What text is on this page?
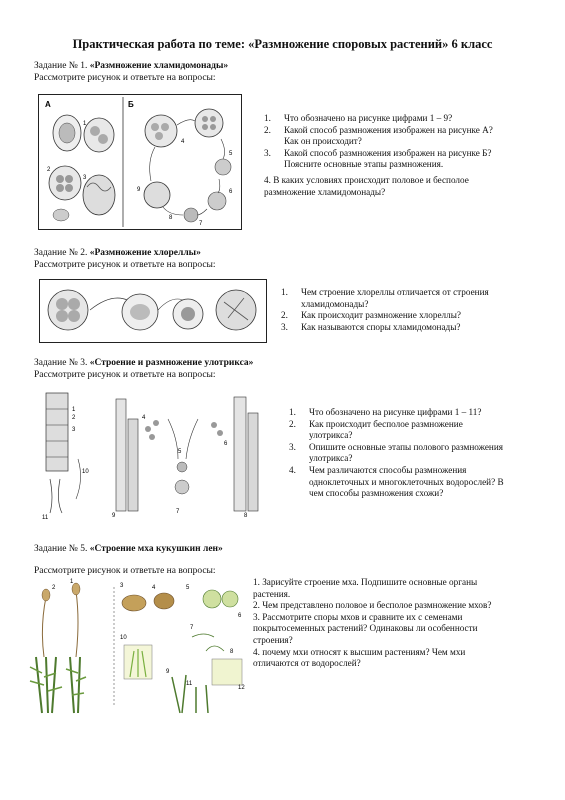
Практическая работа по теме: «Размножение споровых растений» 6 класс
Задание № 1. «Размножение хламидомонады»
Рассмотрите рисунок и ответьте на вопросы:
А	Б
1
2
3
4
5
6
7
8
9
1. Что обозначено на рисунке цифрами 1 – 9?
2. Какой способ размножения изображен на рисунке А?
Как он происходит?
3. Какой способ размножения изображен на рисунке Б?
Поясните основные этапы размножения.
4. В каких условиях происходит половое и бесполое
размножение хламидомонады?
Задание № 2. «Размножение хлореллы»
Рассмотрите рисунок и ответьте на вопросы:
1. Чем строение хлореллы отличается от строения
хламидомонады?
2. Как происходит размножение хлореллы?
3. Как называются споры хламидомонады?
Задание № 3. «Строение и размножение улотрикса»
Рассмотрите рисунок и ответьте на вопросы:
1
2
3
4
5
6
7
8
9
10
11
1. Что обозначено на рисунке цифрами 1 – 11?
2. Как происходит бесполое размножение
улотрикса?
3. Опишите основные этапы полового размножения
улотрикса?
4. Чем различаются способы размножения
одноклеточных и многоклеточных водорослей? В
чем способы размножения схожи?
Задание № 5. «Строение мха кукушкин лен»
Рассмотрите рисунок и ответьте на вопросы:
1
2	3	4	5
6
7
8
9
10
11
12
1. Зарисуйте строение мха. Подпишите основные органы
растения.
2. Чем представлено половое и бесполое размножение мхов?
3. Рассмотрите споры мхов и сравните их с семенами
покрытосеменных растений? Одинаковы ли особенности
строения?
4. почему мхи относят к высшим растениям? Чем мхи
отличаются от водорослей?
